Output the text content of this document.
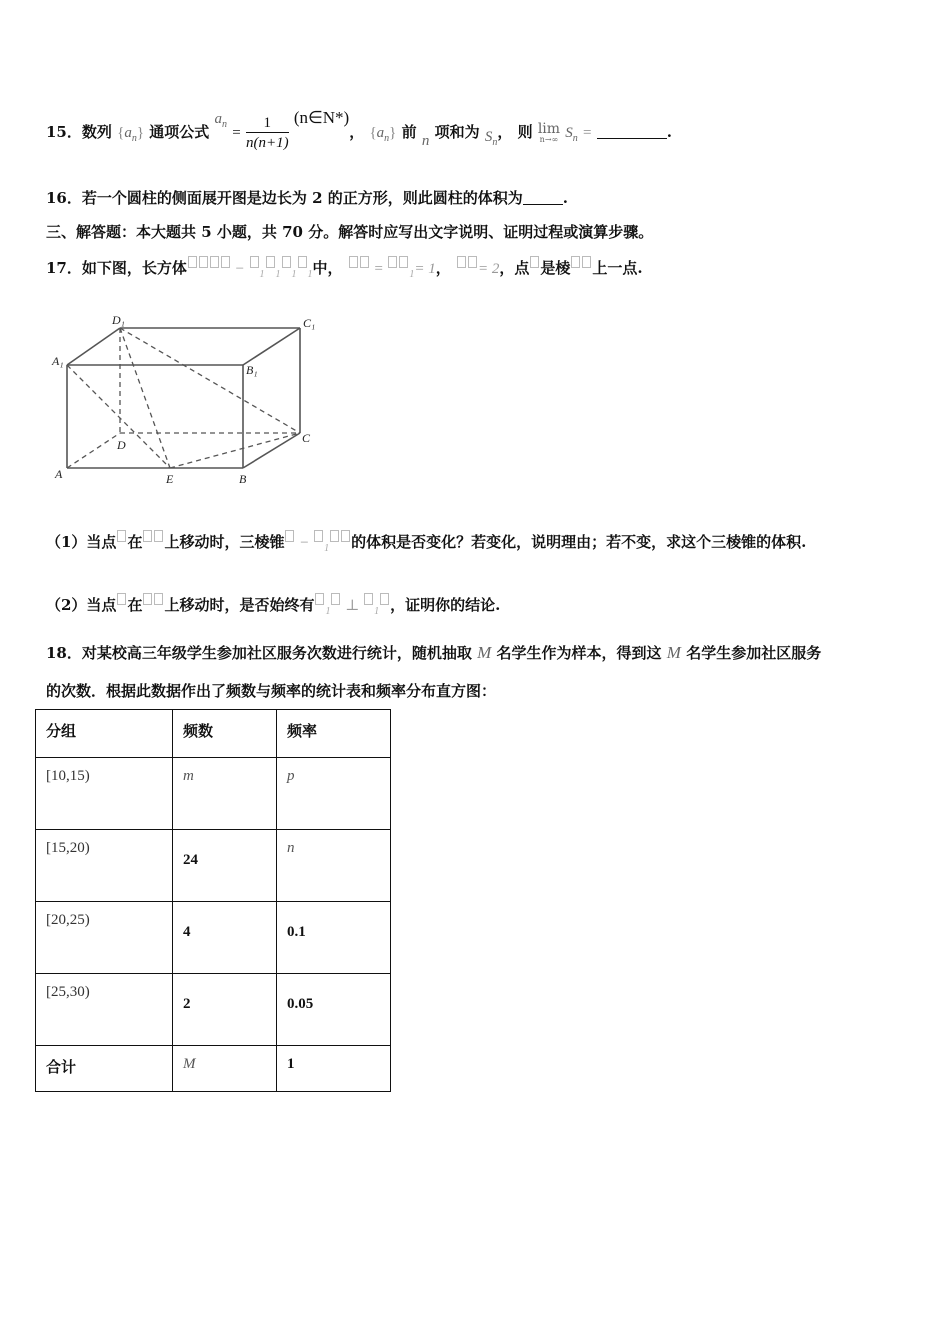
15．数列 $\{a_n\}$ 通项公式 $a_n = \frac{1}{n(n+1)}$ (n∈N*)， $\{a_n\}$ 前 n 项和为 $S_n$， 则 lim
n→∞ $S_n$ =	.
16．若一个圆柱的侧面展开图是边长为 2 的正方形，则此圆柱的体积为	.
三、解答题：本大题共 5 小题，共 70 分。解答时应写出文字说明、证明过程或演算步骤。
17．如下图，长方体	− $_1$ $_1$ $_1$ $_1$中，  = $_1$= 1， = 2，点 是棱 上一点.
D₁	C₁
A₁
B₁
D	C
A	E	B
（1）当点 在 上移动时，三棱锥 − $_1$ 的体积是否变化？若变化，说明理由；若不变，求这个三棱锥的体积.
（2）当点 在 上移动时，是否始终有 $_1$ ⊥ $_1$ ，证明你的结论.
18．对某校高三年级学生参加社区服务次数进行统计，随机抽取 M 名学生作为样本，得到这 M 名学生参加社区服务
的次数．根据此数据作出了频数与频率的统计表和频率分布直方图：
分组	频数	频率
[10,15)	m	p
[15,20)	24	n
[20,25)	4	0.1
[25,30)	2	0.05
合计	M	1
